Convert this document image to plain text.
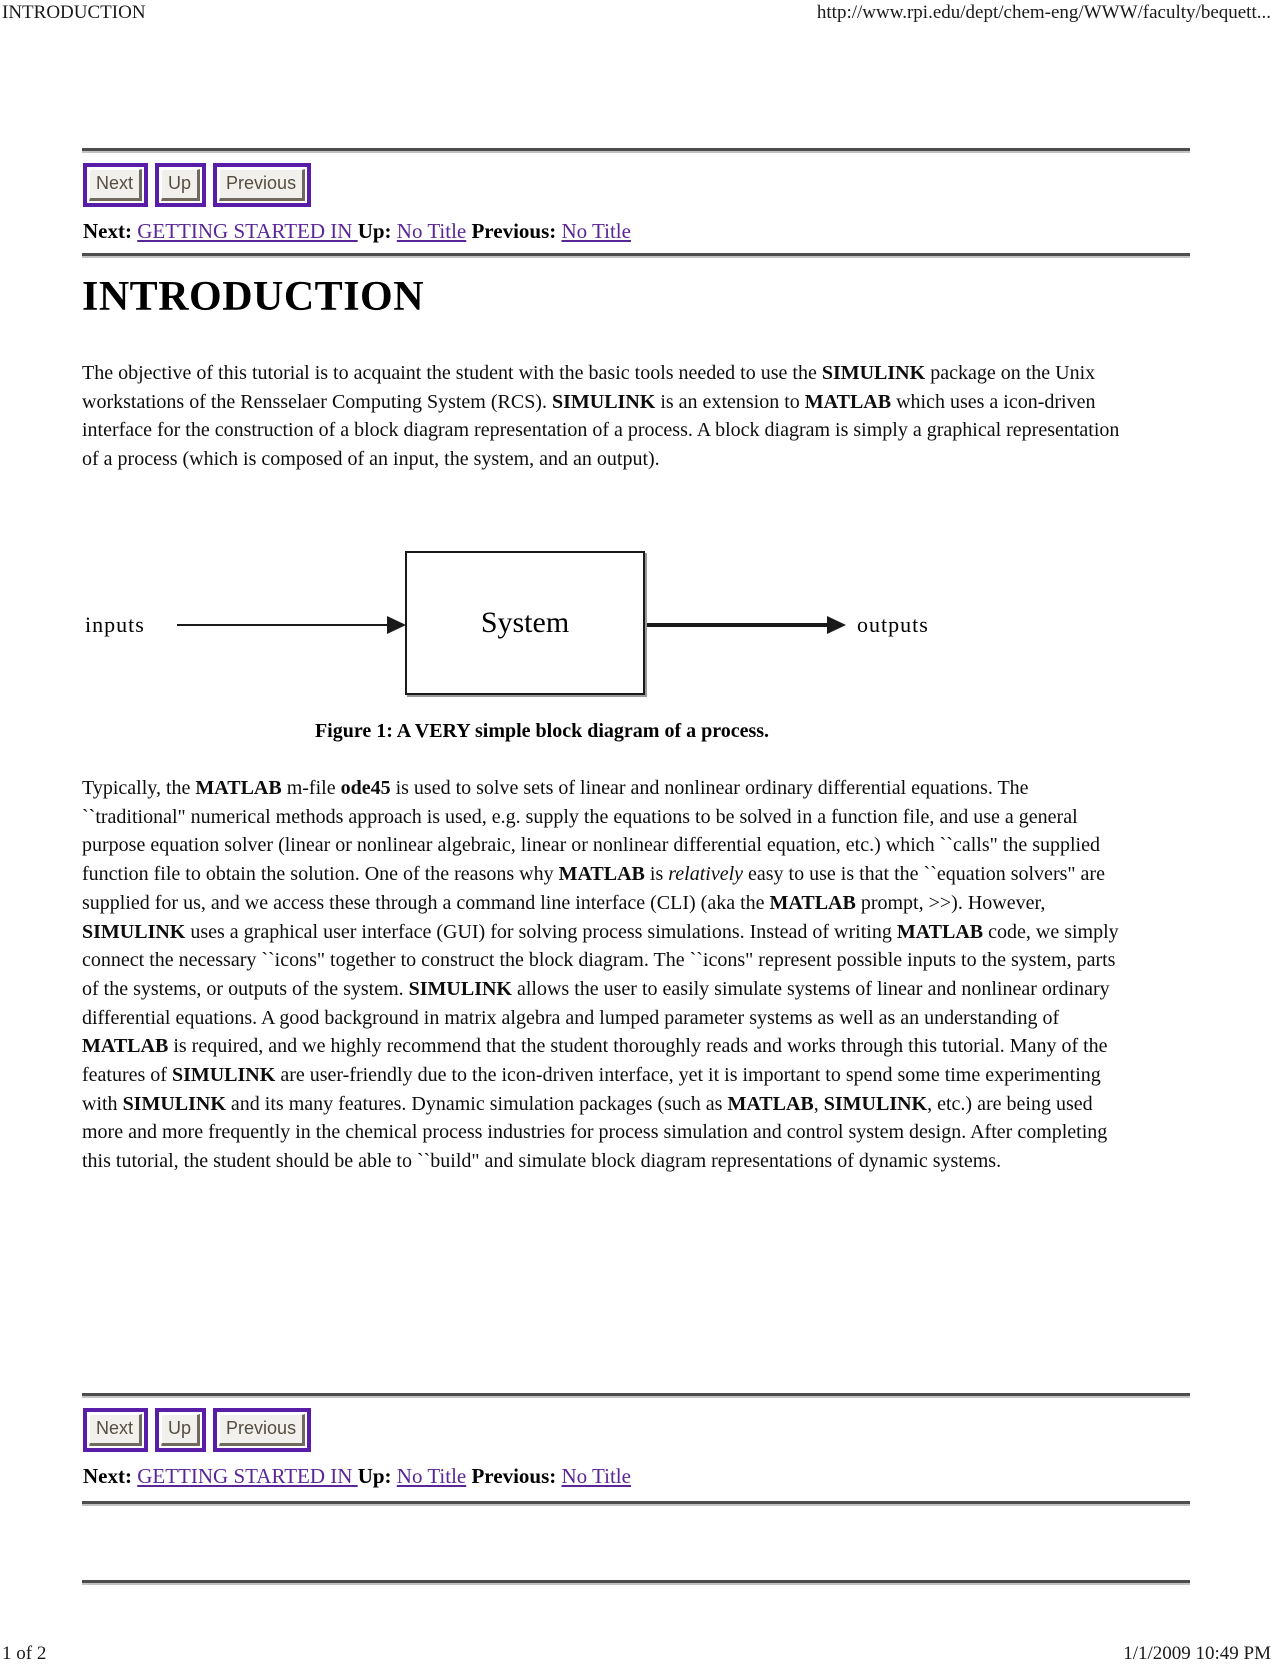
INTRODUCTION	http://www.rpi.edu/dept/chem-eng/WWW/faculty/bequett...
Next	Up	Previous
Next: GETTING STARTED IN Up: No Title Previous: No Title
INTRODUCTION

The objective of this tutorial is to acquaint the student with the basic tools needed to use the SIMULINK package on the Unix workstations of the Rensselaer Computing System (RCS). SIMULINK is an extension to MATLAB which uses a icon-driven interface for the construction of a block diagram representation of a process. A block diagram is simply a graphical representation of a process (which is composed of an input, the system, and an output).

inputs	System	outputs
Figure 1: A VERY simple block diagram of a process.

Typically, the MATLAB m-file ode45 is used to solve sets of linear and nonlinear ordinary differential equations. The ``traditional" numerical methods approach is used, e.g. supply the equations to be solved in a function file, and use a general purpose equation solver (linear or nonlinear algebraic, linear or nonlinear differential equation, etc.) which ``calls" the supplied function file to obtain the solution. One of the reasons why MATLAB is relatively easy to use is that the ``equation solvers" are supplied for us, and we access these through a command line interface (CLI) (aka the MATLAB prompt, >>). However, SIMULINK uses a graphical user interface (GUI) for solving process simulations. Instead of writing MATLAB code, we simply connect the necessary ``icons" together to construct the block diagram. The ``icons" represent possible inputs to the system, parts of the systems, or outputs of the system. SIMULINK allows the user to easily simulate systems of linear and nonlinear ordinary differential equations. A good background in matrix algebra and lumped parameter systems as well as an understanding of MATLAB is required, and we highly recommend that the student thoroughly reads and works through this tutorial. Many of the features of SIMULINK are user-friendly due to the icon-driven interface, yet it is important to spend some time experimenting with SIMULINK and its many features. Dynamic simulation packages (such as MATLAB, SIMULINK, etc.) are being used more and more frequently in the chemical process industries for process simulation and control system design. After completing this tutorial, the student should be able to ``build" and simulate block diagram representations of dynamic systems.

Next	Up	Previous
Next: GETTING STARTED IN Up: No Title Previous: No Title
1 of 2	1/1/2009 10:49 PM
